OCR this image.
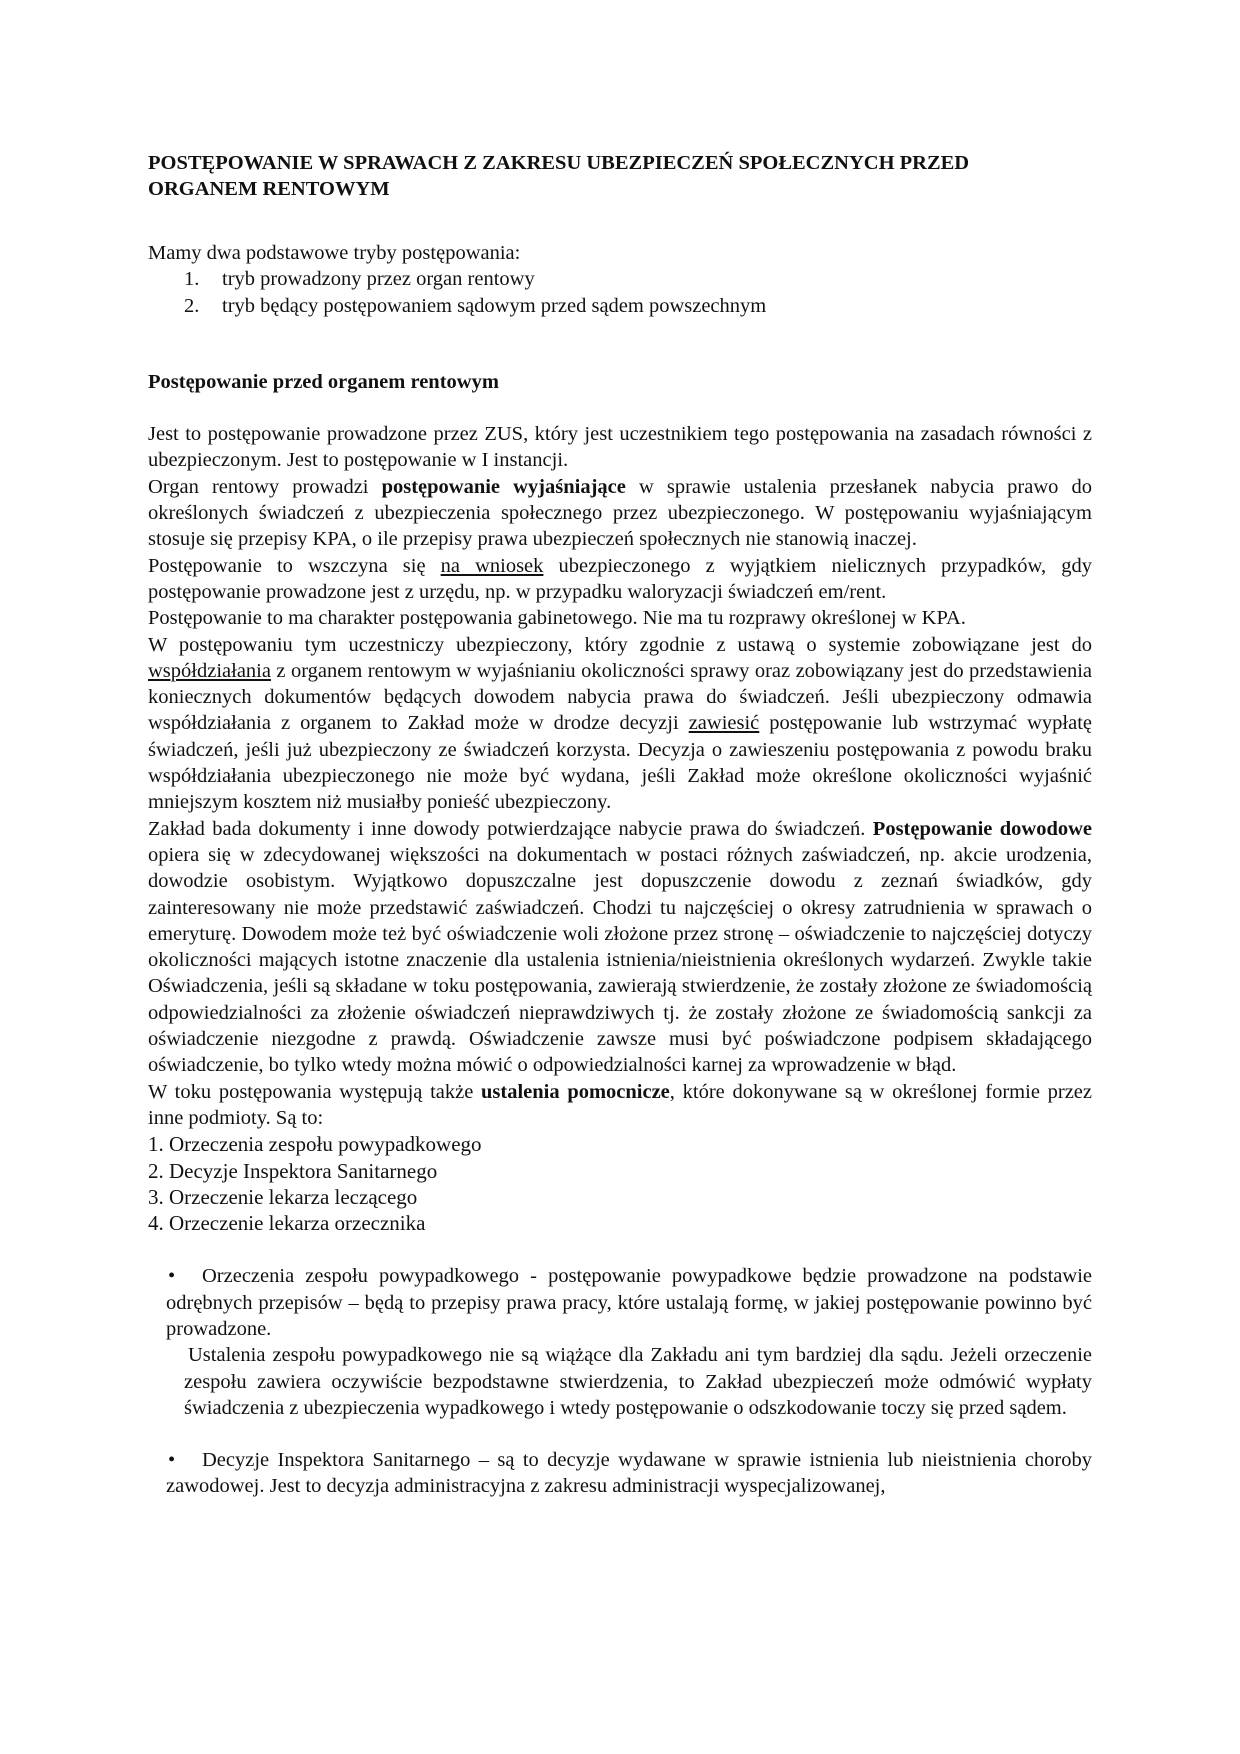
POSTĘPOWANIE W SPRAWACH Z ZAKRESU UBEZPIECZEŃ SPOŁECZNYCH PRZED
ORGANEM RENTOWYM
Mamy dwa podstawowe tryby postępowania:
1. tryb prowadzony przez organ rentowy
2. tryb będący postępowaniem sądowym przed sądem powszechnym
Postępowanie przed organem rentowym

Jest to postępowanie prowadzone przez ZUS, który jest uczestnikiem tego postępowania na zasadach równości z ubezpieczonym. Jest to postępowanie w I instancji.

Organ rentowy prowadzi postępowanie wyjaśniające w sprawie ustalenia przesłanek nabycia prawo do określonych świadczeń z ubezpieczenia społecznego przez ubezpieczonego. W postępowaniu wyjaśniającym stosuje się przepisy KPA, o ile przepisy prawa ubezpieczeń społecznych nie stanowią inaczej.

Postępowanie to wszczyna się na wniosek ubezpieczonego z wyjątkiem nielicznych przypadków, gdy postępowanie prowadzone jest z urzędu, np. w przypadku waloryzacji świadczeń em/rent.

Postępowanie to ma charakter postępowania gabinetowego. Nie ma tu rozprawy określonej w KPA.

W postępowaniu tym uczestniczy ubezpieczony, który zgodnie z ustawą o systemie zobowiązane jest do współdziałania z organem rentowym w wyjaśnianiu okoliczności sprawy oraz zobowiązany jest do przedstawienia koniecznych dokumentów będących dowodem nabycia prawa do świadczeń. Jeśli ubezpieczony odmawia współdziałania z organem to Zakład może w drodze decyzji zawiesić postępowanie lub wstrzymać wypłatę świadczeń, jeśli już ubezpieczony ze świadczeń korzysta. Decyzja o zawieszeniu postępowania z powodu braku współdziałania ubezpieczonego nie może być wydana, jeśli Zakład może określone okoliczności wyjaśnić mniejszym kosztem niż musiałby ponieść ubezpieczony.

Zakład bada dokumenty i inne dowody potwierdzające nabycie prawa do świadczeń. Postępowanie dowodowe opiera się w zdecydowanej większości na dokumentach w postaci różnych zaświadczeń, np. akcie urodzenia, dowodzie osobistym. Wyjątkowo dopuszczalne jest dopuszczenie dowodu z zeznań świadków, gdy zainteresowany nie może przedstawić zaświadczeń. Chodzi tu najczęściej o okresy zatrudnienia w sprawach o emeryturę. Dowodem może też być oświadczenie woli złożone przez stronę – oświadczenie to najczęściej dotyczy okoliczności mających istotne znaczenie dla ustalenia istnienia/nieistnienia określonych wydarzeń. Zwykle takie Oświadczenia, jeśli są składane w toku postępowania, zawierają stwierdzenie, że zostały złożone ze świadomością odpowiedzialności za złożenie oświadczeń nieprawdziwych tj. że zostały złożone ze świadomością sankcji za oświadczenie niezgodne z prawdą. Oświadczenie zawsze musi być poświadczone podpisem składającego oświadczenie, bo tylko wtedy można mówić o odpowiedzialności karnej za wprowadzenie w błąd.

W toku postępowania występują także ustalenia pomocnicze, które dokonywane są w określonej formie przez inne podmioty. Są to:

1. Orzeczenia zespołu powypadkowego
2. Decyzje Inspektora Sanitarnego
3. Orzeczenie lekarza leczącego
4. Orzeczenie lekarza orzecznika
•	Orzeczenia zespołu powypadkowego - postępowanie powypadkowe będzie prowadzone na podstawie odrębnych przepisów – będą to przepisy prawa pracy, które ustalają formę, w jakiej postępowanie powinno być prowadzone.

Ustalenia zespołu powypadkowego nie są wiążące dla Zakładu ani tym bardziej dla sądu. Jeżeli orzeczenie zespołu zawiera oczywiście bezpodstawne stwierdzenia, to Zakład ubezpieczeń może odmówić wypłaty świadczenia z ubezpieczenia wypadkowego i wtedy postępowanie o odszkodowanie toczy się przed sądem.

•	Decyzje Inspektora Sanitarnego – są to decyzje wydawane w sprawie istnienia lub nieistnienia choroby zawodowej. Jest to decyzja administracyjna z zakresu administracji wyspecjalizowanej,
